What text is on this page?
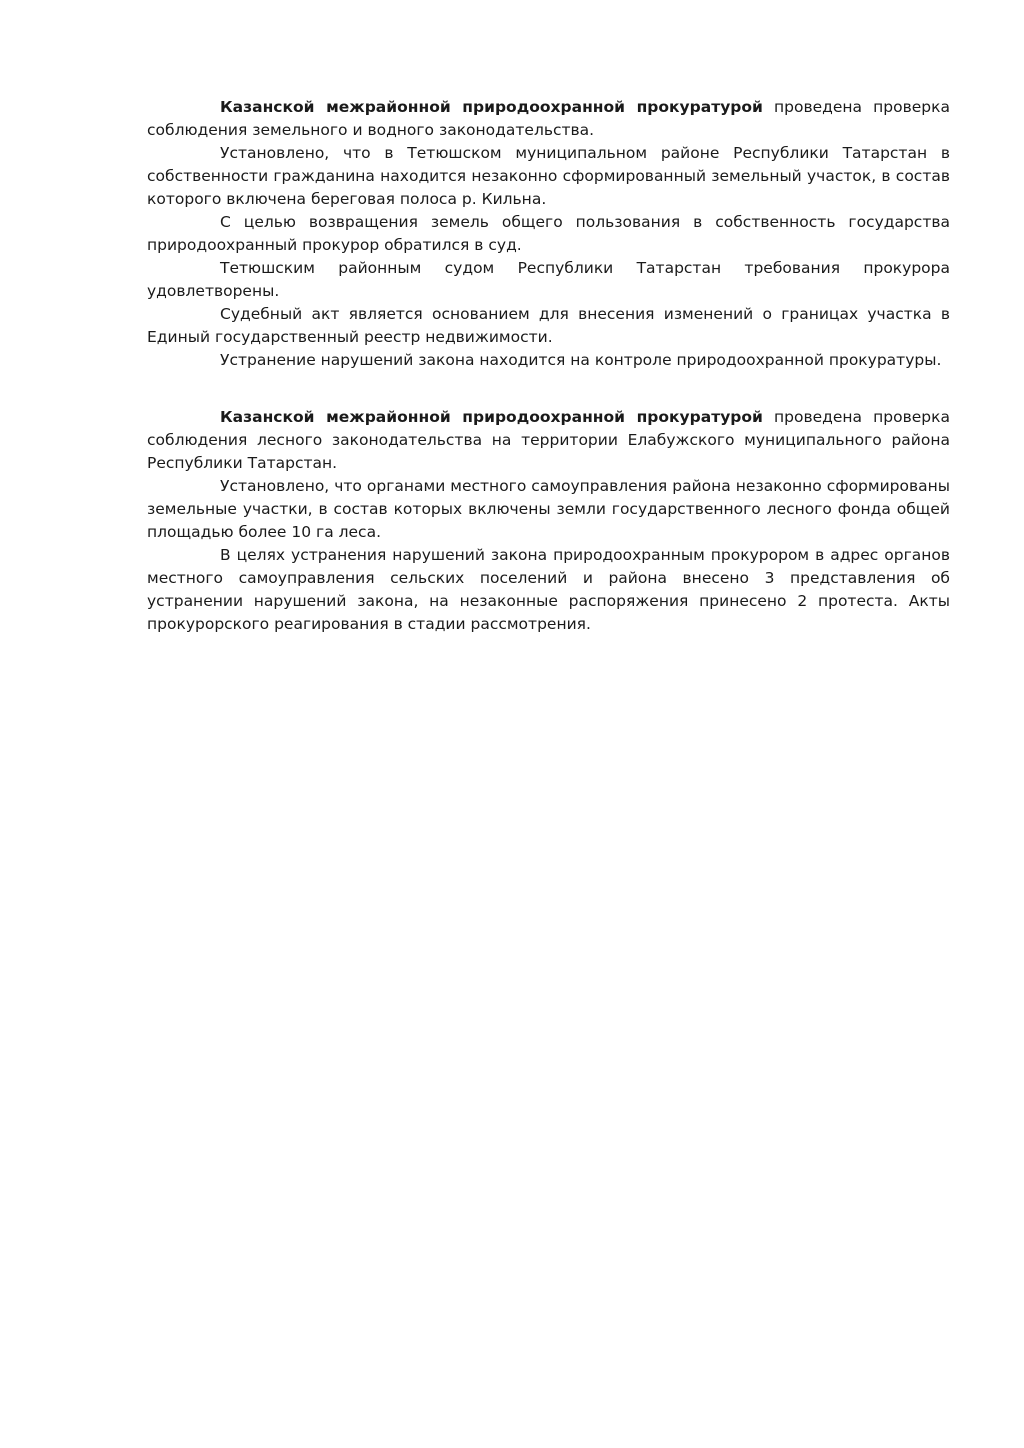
Казанской межрайонной природоохранной прокуратурой проведена проверка соблюдения земельного и водного законодательства.

Установлено, что в Тетюшском муниципальном районе Республики Татарстан в собственности гражданина находится незаконно сформированный земельный участок, в состав которого включена береговая полоса р. Кильна.

С целью возвращения земель общего пользования в собственность государства природоохранный прокурор обратился в суд.

Тетюшским районным судом Республики Татарстан требования прокурора удовлетворены.

Судебный акт является основанием для внесения изменений о границах участка в Единый государственный реестр недвижимости.

Устранение нарушений закона находится на контроле природоохранной прокуратуры.

Казанской межрайонной природоохранной прокуратурой проведена проверка соблюдения лесного законодательства на территории Елабужского муниципального района Республики Татарстан.

Установлено, что органами местного самоуправления района незаконно сформированы земельные участки, в состав которых включены земли государственного лесного фонда общей площадью более 10 га леса.

В целях устранения нарушений закона природоохранным прокурором в адрес органов местного самоуправления сельских поселений и района внесено 3 представления об устранении нарушений закона, на незаконные распоряжения принесено 2 протеста. Акты прокурорского реагирования в стадии рассмотрения.
